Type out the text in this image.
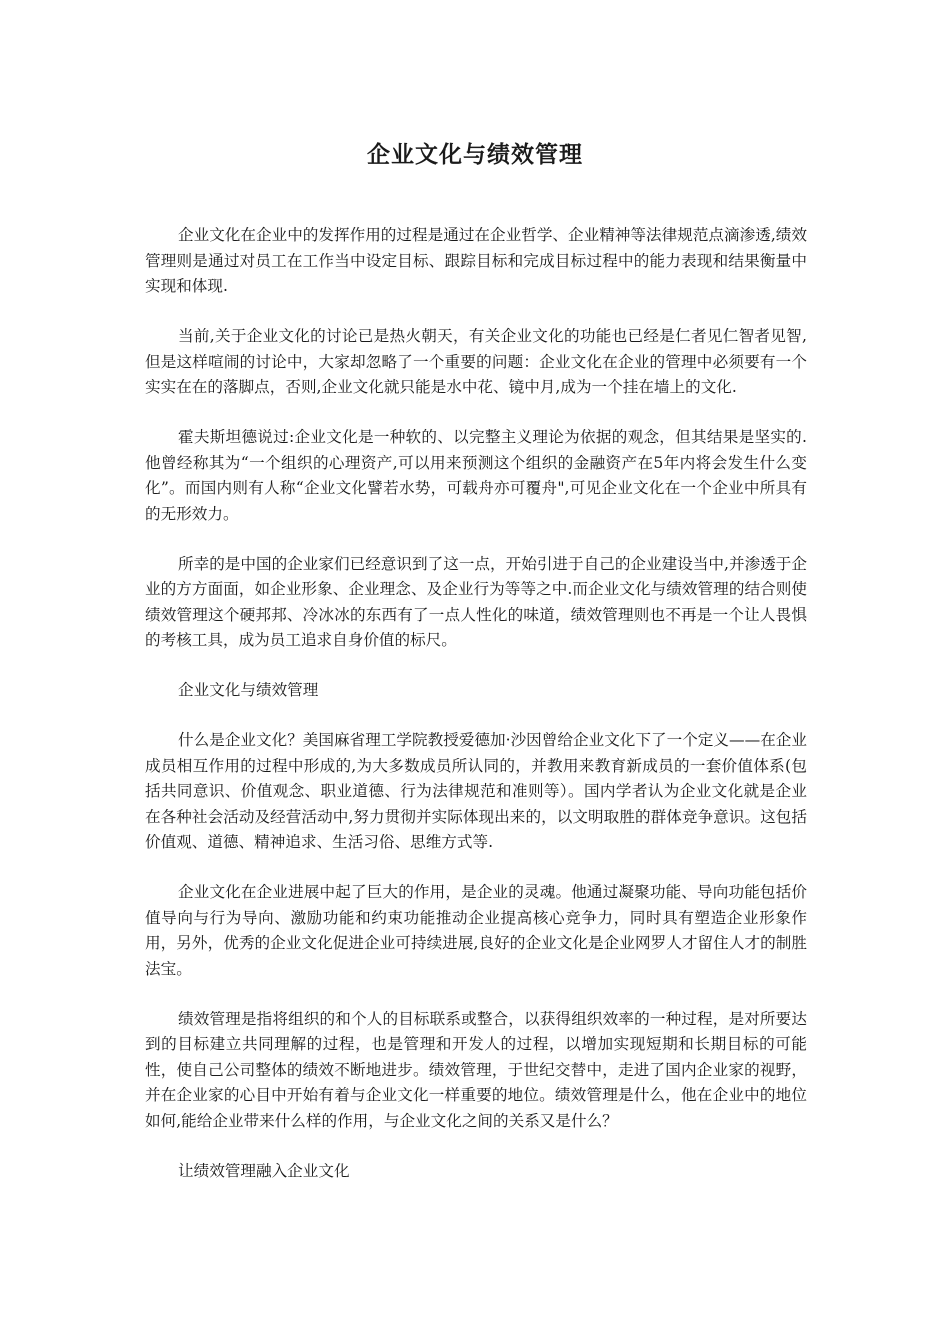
企业文化与绩效管理

企业文化在企业中的发挥作用的过程是通过在企业哲学、企业精神等法律规范点滴渗透,绩效管理则是通过对员工在工作当中设定目标、跟踪目标和完成目标过程中的能力表现和结果衡量中实现和体现.

当前,关于企业文化的讨论已是热火朝天，有关企业文化的功能也已经是仁者见仁智者见智,但是这样喧闹的讨论中，大家却忽略了一个重要的问题：企业文化在企业的管理中必须要有一个实实在在的落脚点，否则,企业文化就只能是水中花、镜中月,成为一个挂在墙上的文化.

霍夫斯坦德说过:企业文化是一种软的、以完整主义理论为依据的观念，但其结果是坚实的.他曾经称其为“一个组织的心理资产,可以用来预测这个组织的金融资产在5年内将会发生什么变化”。而国内则有人称“企业文化譬若水势，可载舟亦可覆舟",可见企业文化在一个企业中所具有的无形效力。

所幸的是中国的企业家们已经意识到了这一点，开始引进于自己的企业建设当中,并渗透于企业的方方面面，如企业形象、企业理念、及企业行为等等之中.而企业文化与绩效管理的结合则使绩效管理这个硬邦邦、冷冰冰的东西有了一点人性化的味道，绩效管理则也不再是一个让人畏惧的考核工具，成为员工追求自身价值的标尺。

企业文化与绩效管理

什么是企业文化？美国麻省理工学院教授爱德加·沙因曾给企业文化下了一个定义——在企业成员相互作用的过程中形成的,为大多数成员所认同的，并教用来教育新成员的一套价值体系(包括共同意识、价值观念、职业道德、行为法律规范和准则等）。国内学者认为企业文化就是企业在各种社会活动及经营活动中,努力贯彻并实际体现出来的，以文明取胜的群体竞争意识。这包括价值观、道德、精神追求、生活习俗、思维方式等.

企业文化在企业进展中起了巨大的作用，是企业的灵魂。他通过凝聚功能、导向功能包括价值导向与行为导向、激励功能和约束功能推动企业提高核心竞争力，同时具有塑造企业形象作用，另外，优秀的企业文化促进企业可持续进展,良好的企业文化是企业网罗人才留住人才的制胜法宝。

绩效管理是指将组织的和个人的目标联系或整合，以获得组织效率的一种过程，是对所要达到的目标建立共同理解的过程，也是管理和开发人的过程，以增加实现短期和长期目标的可能性，使自己公司整体的绩效不断地进步。绩效管理，于世纪交替中，走进了国内企业家的视野，并在企业家的心目中开始有着与企业文化一样重要的地位。绩效管理是什么，他在企业中的地位如何,能给企业带来什么样的作用，与企业文化之间的关系又是什么？

让绩效管理融入企业文化
